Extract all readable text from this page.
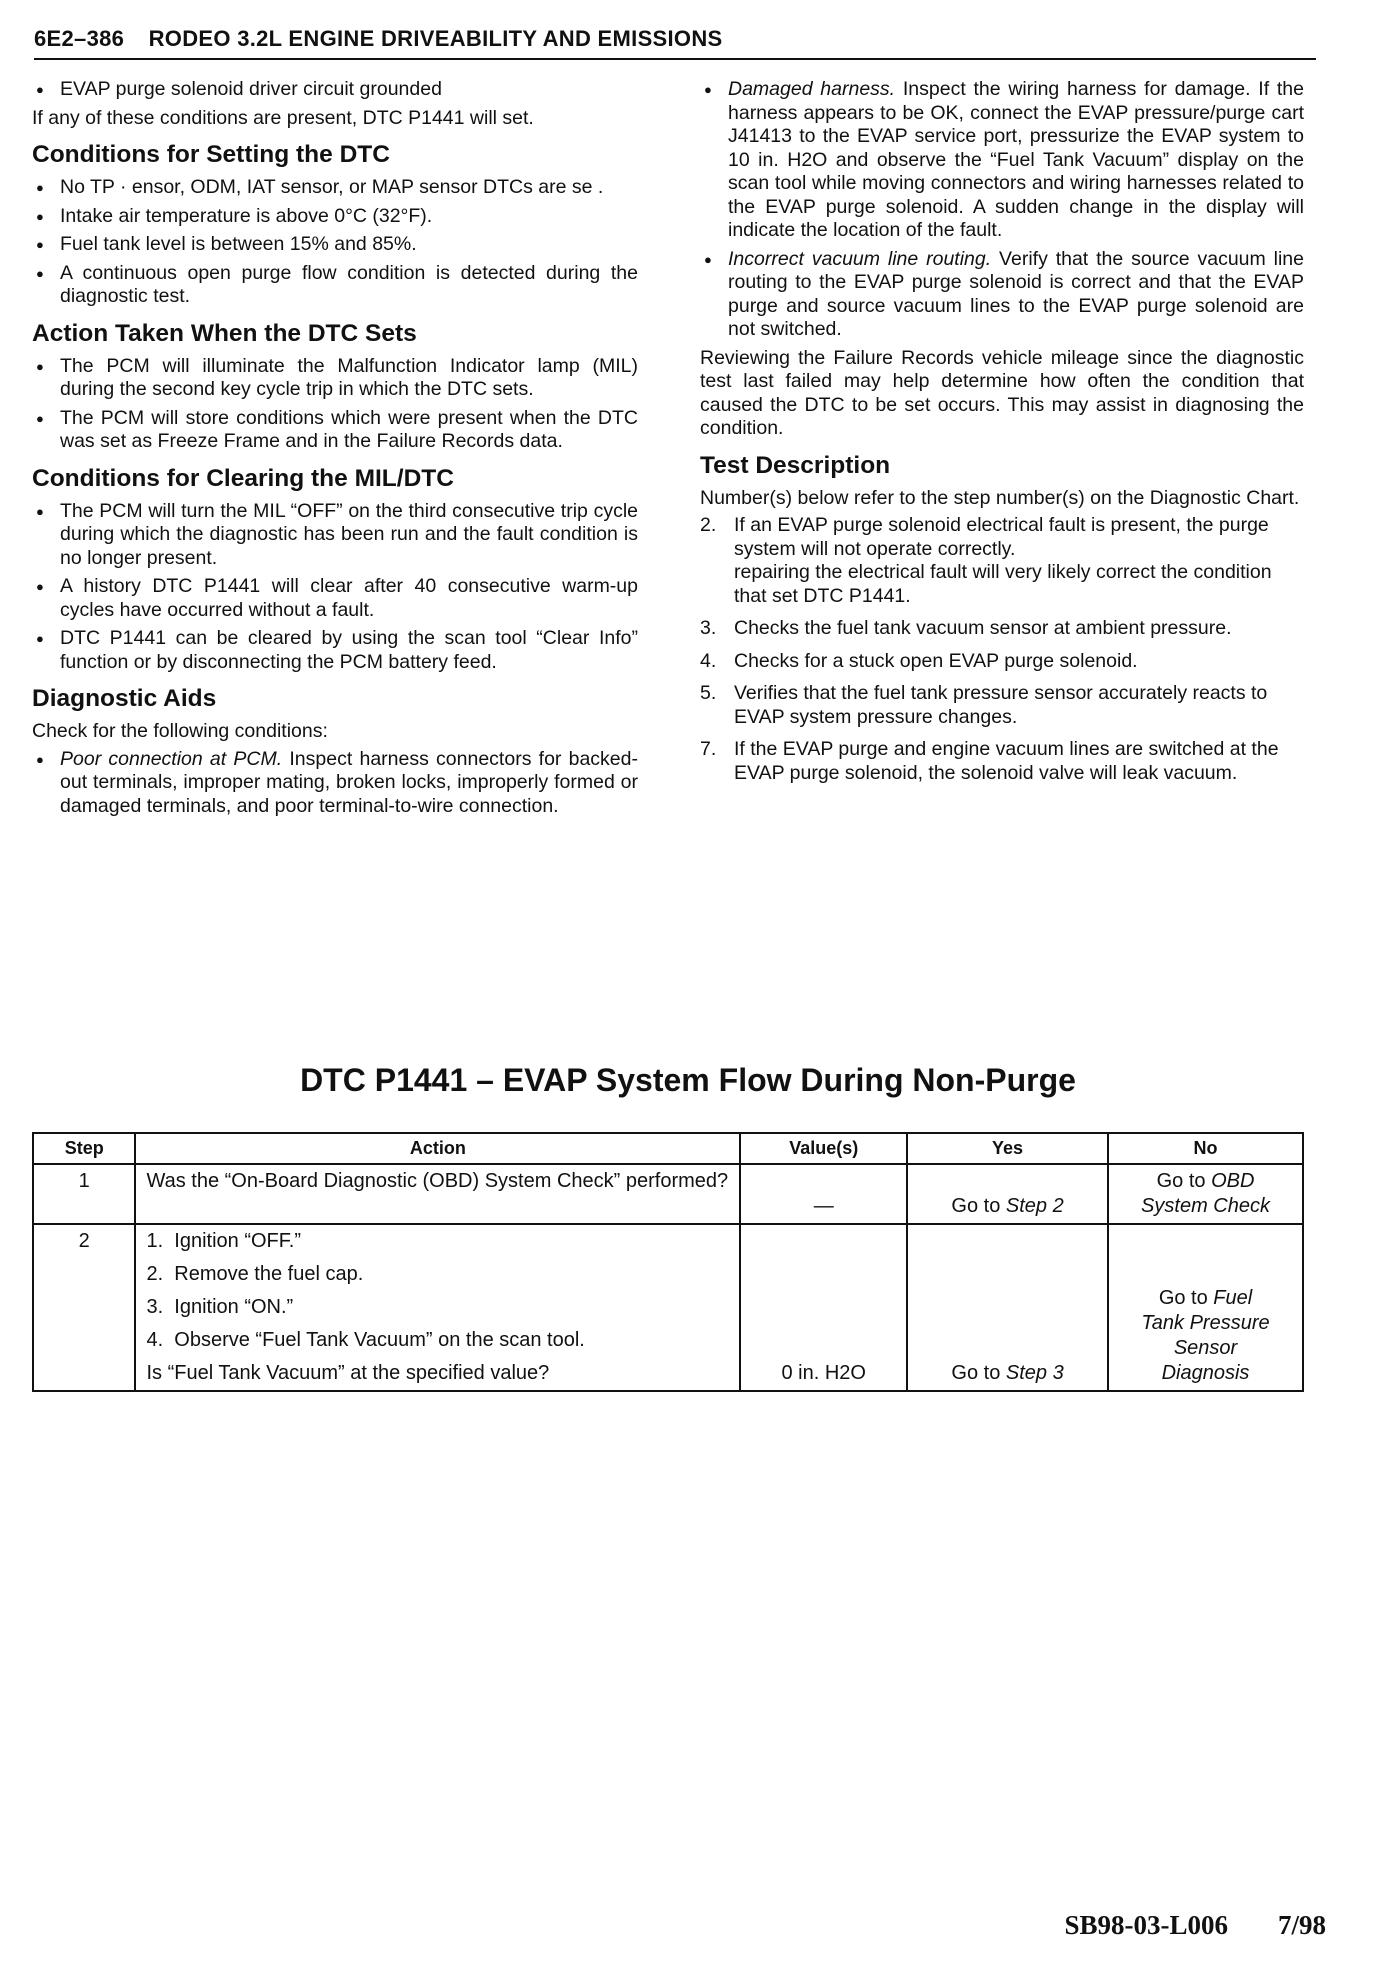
6E2–386 RODEO 3.2L ENGINE DRIVEABILITY AND EMISSIONS
● EVAP purge solenoid driver circuit grounded

If any of these conditions are present, DTC P1441 will set.

Conditions for Setting the DTC
● No TP · ensor, ODM, IAT sensor, or MAP sensor DTCs are se .
● Intake air temperature is above 0°C (32°F).
● Fuel tank level is between 15% and 85%.
● A continuous open purge flow condition is detected during the diagnostic test.
Action Taken When the DTC Sets
● The PCM will illuminate the Malfunction Indicator lamp (MIL) during the second key cycle trip in which the DTC sets.
● The PCM will store conditions which were present when the DTC was set as Freeze Frame and in the Failure Records data.
Conditions for Clearing the MIL/DTC
● The PCM will turn the MIL “OFF” on the third consecutive trip cycle during which the diagnostic has been run and the fault condition is no longer present.
● A history DTC P1441 will clear after 40 consecutive warm-up cycles have occurred without a fault.
● DTC P1441 can be cleared by using the scan tool “Clear Info” function or by disconnecting the PCM battery feed.
Diagnostic Aids

Check for the following conditions:

● Poor connection at PCM. Inspect harness connectors for backed-out terminals, improper mating, broken locks, improperly formed or damaged terminals, and poor terminal-to-wire connection.
● Damaged harness. Inspect the wiring harness for damage. If the harness appears to be OK, connect the EVAP pressure/purge cart J41413 to the EVAP service port, pressurize the EVAP system to 10 in. H2O and observe the “Fuel Tank Vacuum” display on the scan tool while moving connectors and wiring harnesses related to the EVAP purge solenoid. A sudden change in the display will indicate the location of the fault.
● Incorrect vacuum line routing. Verify that the source vacuum line routing to the EVAP purge solenoid is correct and that the EVAP purge and source vacuum lines to the EVAP purge solenoid are not switched.

Reviewing the Failure Records vehicle mileage since the diagnostic test last failed may help determine how often the condition that caused the DTC to be set occurs. This may assist in diagnosing the condition.

Test Description

Number(s) below refer to the step number(s) on the Diagnostic Chart.

2. If an EVAP purge solenoid electrical fault is present, the purge system will not operate correctly.
repairing the electrical fault will very likely correct the condition that set DTC P1441.
3. Checks the fuel tank vacuum sensor at ambient pressure.
4. Checks for a stuck open EVAP purge solenoid.
5. Verifies that the fuel tank pressure sensor accurately reacts to EVAP system pressure changes.
7. If the EVAP purge and engine vacuum lines are switched at the EVAP purge solenoid, the solenoid valve will leak vacuum.
DTC P1441 – EVAP System Flow During Non-Purge
Step	Action	Value(s)	Yes	No
1	Was the “On-Board Diagnostic (OBD) System Check” performed?	—	Go to Step 2	Go to OBD
System Check
2	1. Ignition “OFF.”
2. Remove the fuel cap.
3. Ignition “ON.”
4. Observe “Fuel Tank Vacuum” on the scan tool.
Is “Fuel Tank Vacuum” at the specified value?	0 in. H2O	Go to Step 3	Go to Fuel
Tank Pressure
Sensor
Diagnosis
SB98-03-L006 7/98
